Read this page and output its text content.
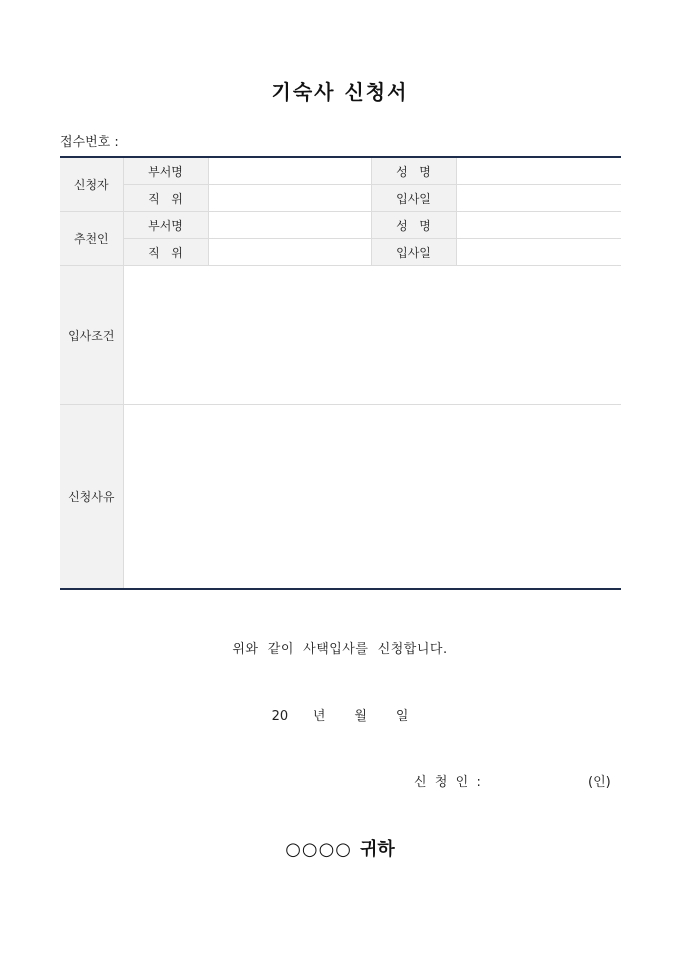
기숙사 신청서
접수번호 :
신청자	부서명		성   명	
	직   위		입사일	
추천인	부서명		성   명	
	직   위		입사일	
입사조건				
신청사유				
위와  같이  사택입사를  신청합니다.
20      년       월       일
신  청  인  :	(인)
○○○○ 귀하
